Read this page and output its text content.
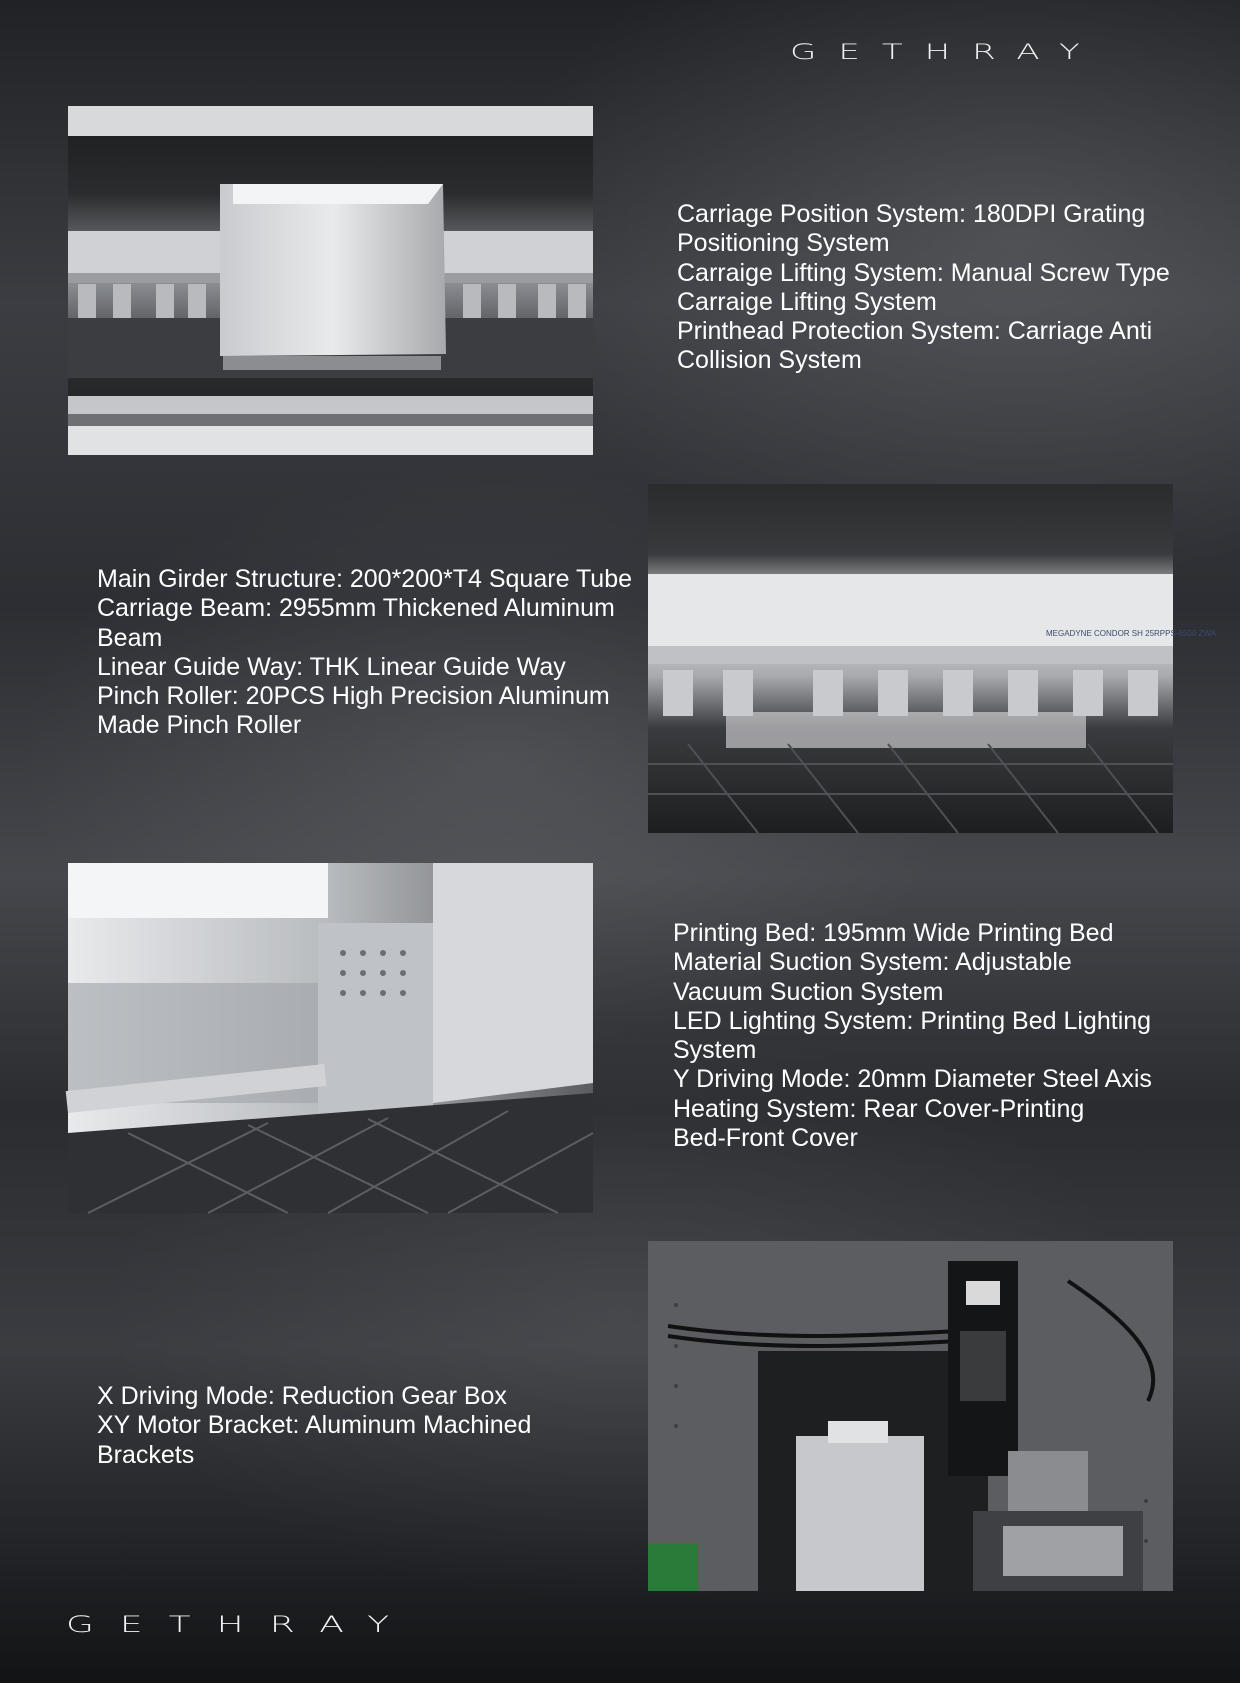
GETHRAY
Carriage Position System: 180DPI Grating
Positioning System
Carraige Lifting System: Manual Screw Type
Carraige Lifting System
Printhead Protection System: Carriage Anti
Collision System
Main Girder Structure: 200*200*T4 Square Tube
Carriage Beam: 2955mm Thickened Aluminum
Beam
Linear Guide Way: THK Linear Guide Way
Pinch Roller: 20PCS High Precision Aluminum
Made Pinch Roller
MEGADYNE CONDOR SH 25RPPS-6500 ZWA
Printing Bed: 195mm Wide Printing Bed
Material Suction System: Adjustable
Vacuum Suction System
LED Lighting System: Printing Bed Lighting
System
Y Driving Mode: 20mm Diameter Steel Axis
Heating System: Rear Cover-Printing
Bed-Front Cover
X Driving Mode: Reduction Gear Box
XY Motor Bracket: Aluminum Machined
Brackets
GETHRAY
